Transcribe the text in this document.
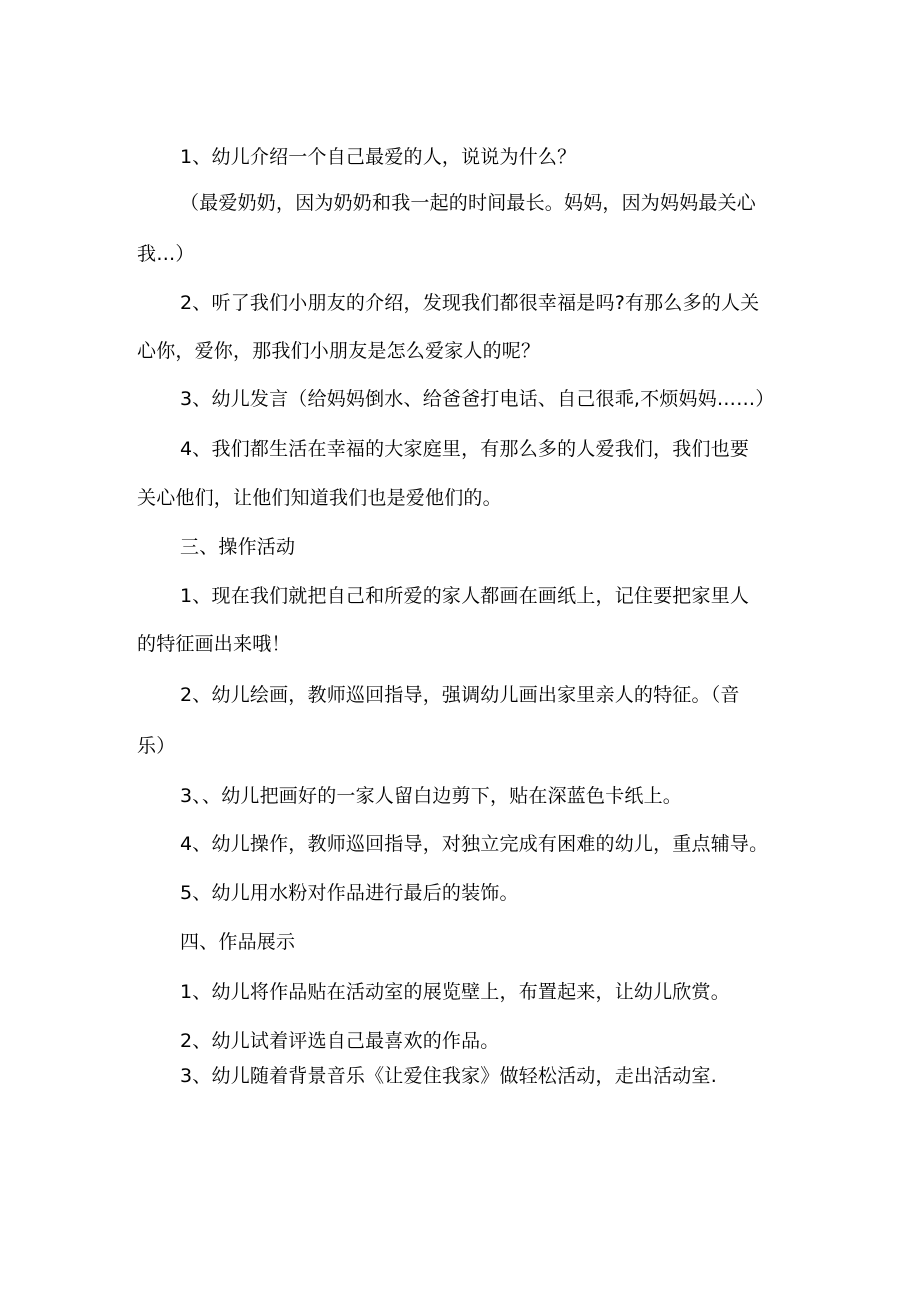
1、幼儿介绍一个自己最爱的人，说说为什么？
（最爱奶奶，因为奶奶和我一起的时间最长。妈妈，因为妈妈最关心
我…）
2、听了我们小朋友的介绍，发现我们都很幸福是吗?有那么多的人关
心你，爱你，那我们小朋友是怎么爱家人的呢？
3、幼儿发言（给妈妈倒水、给爸爸打电话、自己很乖,不烦妈妈……）
4、我们都生活在幸福的大家庭里，有那么多的人爱我们，我们也要
关心他们，让他们知道我们也是爱他们的。
三、操作活动
1、现在我们就把自己和所爱的家人都画在画纸上，记住要把家里人
的特征画出来哦！
2、幼儿绘画，教师巡回指导，强调幼儿画出家里亲人的特征。（音
乐）
3、、幼儿把画好的一家人留白边剪下，贴在深蓝色卡纸上。
4、幼儿操作，教师巡回指导，对独立完成有困难的幼儿，重点辅导。
5、幼儿用水粉对作品进行最后的装饰。
四、作品展示
1、幼儿将作品贴在活动室的展览壁上，布置起来，让幼儿欣赏。
2、幼儿试着评选自己最喜欢的作品。
3、幼儿随着背景音乐《让爱住我家》做轻松活动，走出活动室.
